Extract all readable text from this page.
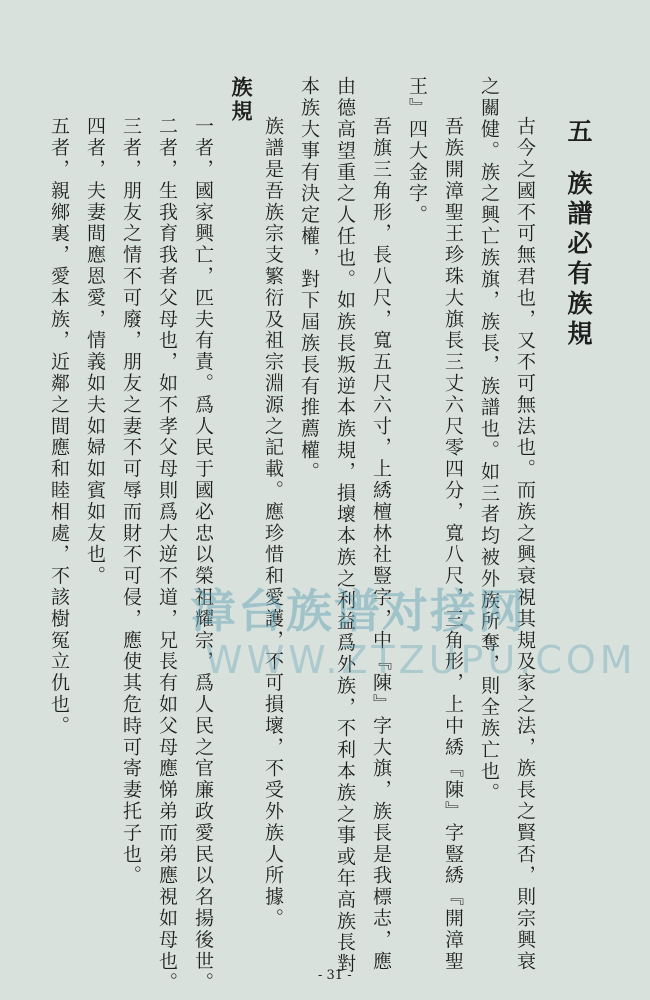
五族譜必有族規
古今之國不可無君也，又不可無法也。而族之興衰視其規及家之法，族長之賢否，則宗興衰
之關健。族之興亡族旗，族長，族譜也。如三者均被外族所奪，則全族亡也。
吾族開漳聖王珍珠大旗長三丈六尺零四分，寬八尺，三角形，上中綉『陳』字豎綉『開漳聖
王』四大金字。
吾旗三角形，長八尺，寬五尺六寸，上綉檀林社豎字，中『陳』字大旗，族長是我標志，應
由德高望重之人任也。如族長叛逆本族規，損壞本族之利益爲外族，不利本族之事或年高族長對
本族大事有決定權，對下屆族長有推薦權。
族譜是吾族宗支繁衍及祖宗淵源之記載。應珍惜和愛護，不可損壞，不受外族人所據。
族規
一者，國家興亡，匹夫有責。爲人民于國必忠以榮祖耀宗，爲人民之官廉政愛民以名揚後世。
二者，生我育我者父母也，如不孝父母則爲大逆不道，兄長有如父母應悌弟而弟應視如母也。
三者，朋友之情不可廢，朋友之妻不可辱而財不可侵，應使其危時可寄妻托子也。
四者，夫妻間應恩愛，情義如夫如婦如賓如友也。
五者，親鄉裏，愛本族，近鄰之間應和睦相處，不該樹冤立仇也。	漳台族谱对接网
WWW.ZTZUPU.COM
- 31 -
